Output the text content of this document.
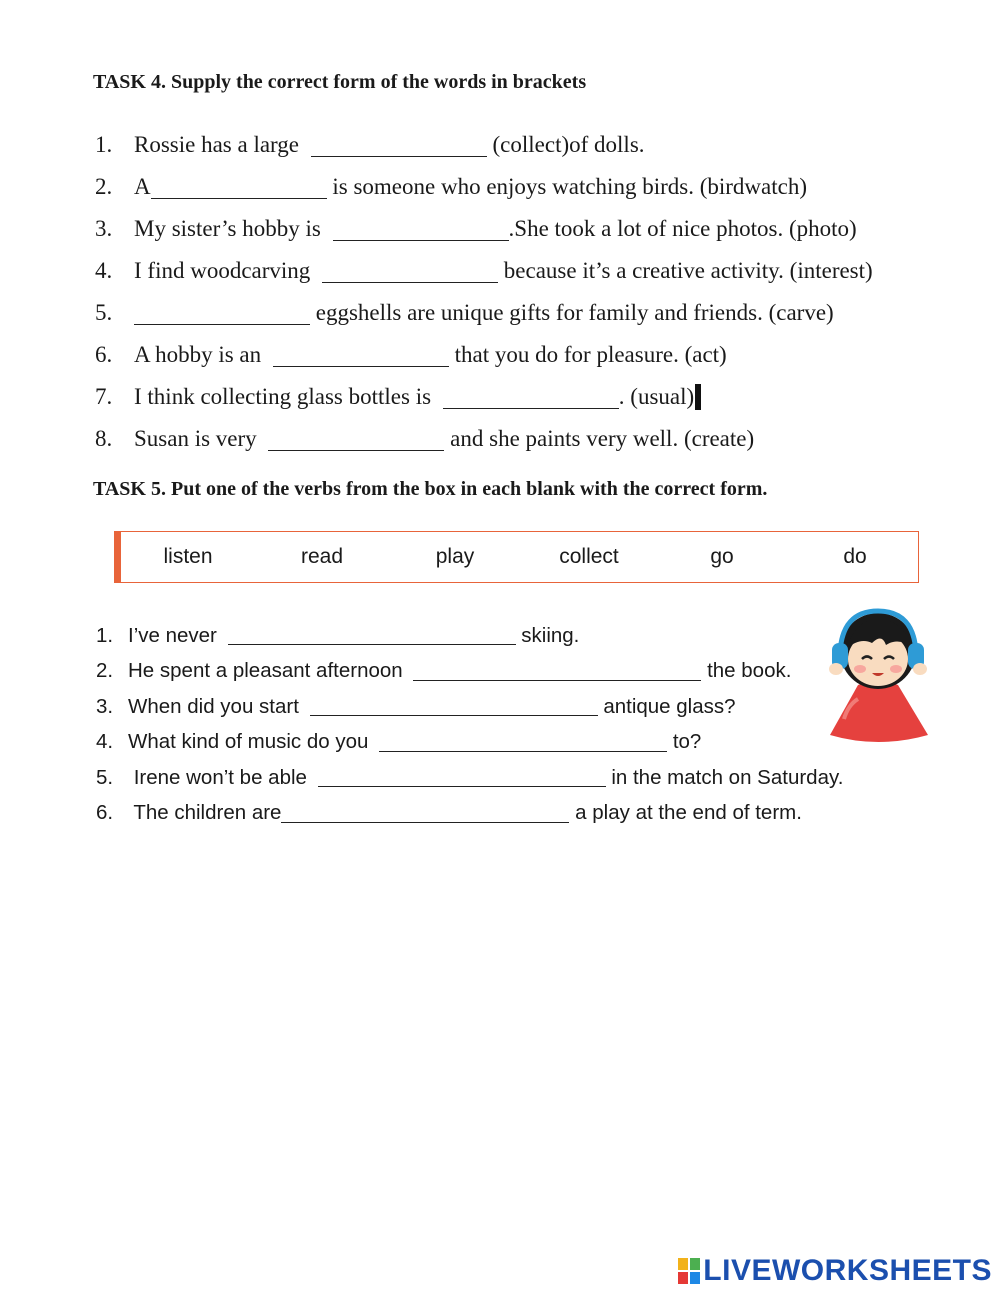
TASK 4. Supply the correct form of the words in brackets
1. Rossie has a large	(collect)of dolls.
2. A	is someone who enjoys watching birds. (birdwatch)
3. My sister’s hobby is	.She took a lot of nice photos. (photo)
4. I find woodcarving	because it’s a creative activity. (interest)
5.	eggshells are unique gifts for family and friends. (carve)
6. A hobby is an	that you do for pleasure. (act)
7. I think collecting glass bottles is	. (usual)
8. Susan is very	and she paints very well. (create)
TASK 5. Put one of the verbs from the box in each blank with the correct form.
listen	read	play	collect	go	do
1. I’ve never	skiing.
2. He spent a pleasant afternoon	the book.
3. When did you start	antique glass?
4. What kind of music do you	to?
5. Irene won’t be able	in the match on Saturday.
6. The children are	a play at the end of term.
LIVEWORKSHEETS
